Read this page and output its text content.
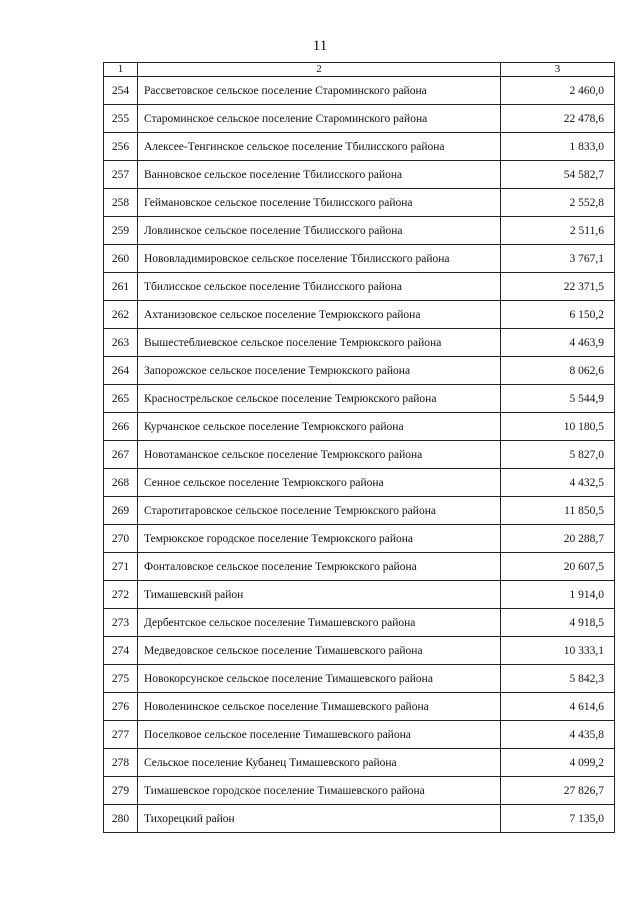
11
1	2	3
254	Рассветовское сельское поселение Староминского района	2 460,0
255	Староминское сельское поселение Староминского района	22 478,6
256	Алексее-Тенгинское сельское поселение Тбилисского района	1 833,0
257	Ванновское сельское поселение Тбилисского района	54 582,7
258	Геймановское сельское поселение Тбилисского района	2 552,8
259	Ловлинское сельское поселение Тбилисского района	2 511,6
260	Нововладимировское сельское поселение Тбилисского района	3 767,1
261	Тбилисское сельское поселение Тбилисского района	22 371,5
262	Ахтанизовское сельское поселение Темрюкского района	6 150,2
263	Вышестеблиевское сельское поселение Темрюкского района	4 463,9
264	Запорожское сельское поселение Темрюкского района	8 062,6
265	Краснострельское сельское поселение Темрюкского района	5 544,9
266	Курчанское сельское поселение Темрюкского района	10 180,5
267	Новотаманское сельское поселение Темрюкского района	5 827,0
268	Сенное сельское поселение Темрюкского района	4 432,5
269	Старотитаровское сельское поселение Темрюкского района	11 850,5
270	Темрюкское городское поселение Темрюкского района	20 288,7
271	Фонталовское сельское поселение Темрюкского района	20 607,5
272	Тимашевский район	1 914,0
273	Дербентское сельское поселение Тимашевского района	4 918,5
274	Медведовское сельское поселение Тимашевского района	10 333,1
275	Новокорсунское сельское поселение Тимашевского района	5 842,3
276	Новоленинское сельское поселение Тимашевского района	4 614,6
277	Поселковое сельское поселение Тимашевского района	4 435,8
278	Сельское поселение Кубанец Тимашевского района	4 099,2
279	Тимашевское городское поселение Тимашевского района	27 826,7
280	Тихорецкий район	7 135,0
